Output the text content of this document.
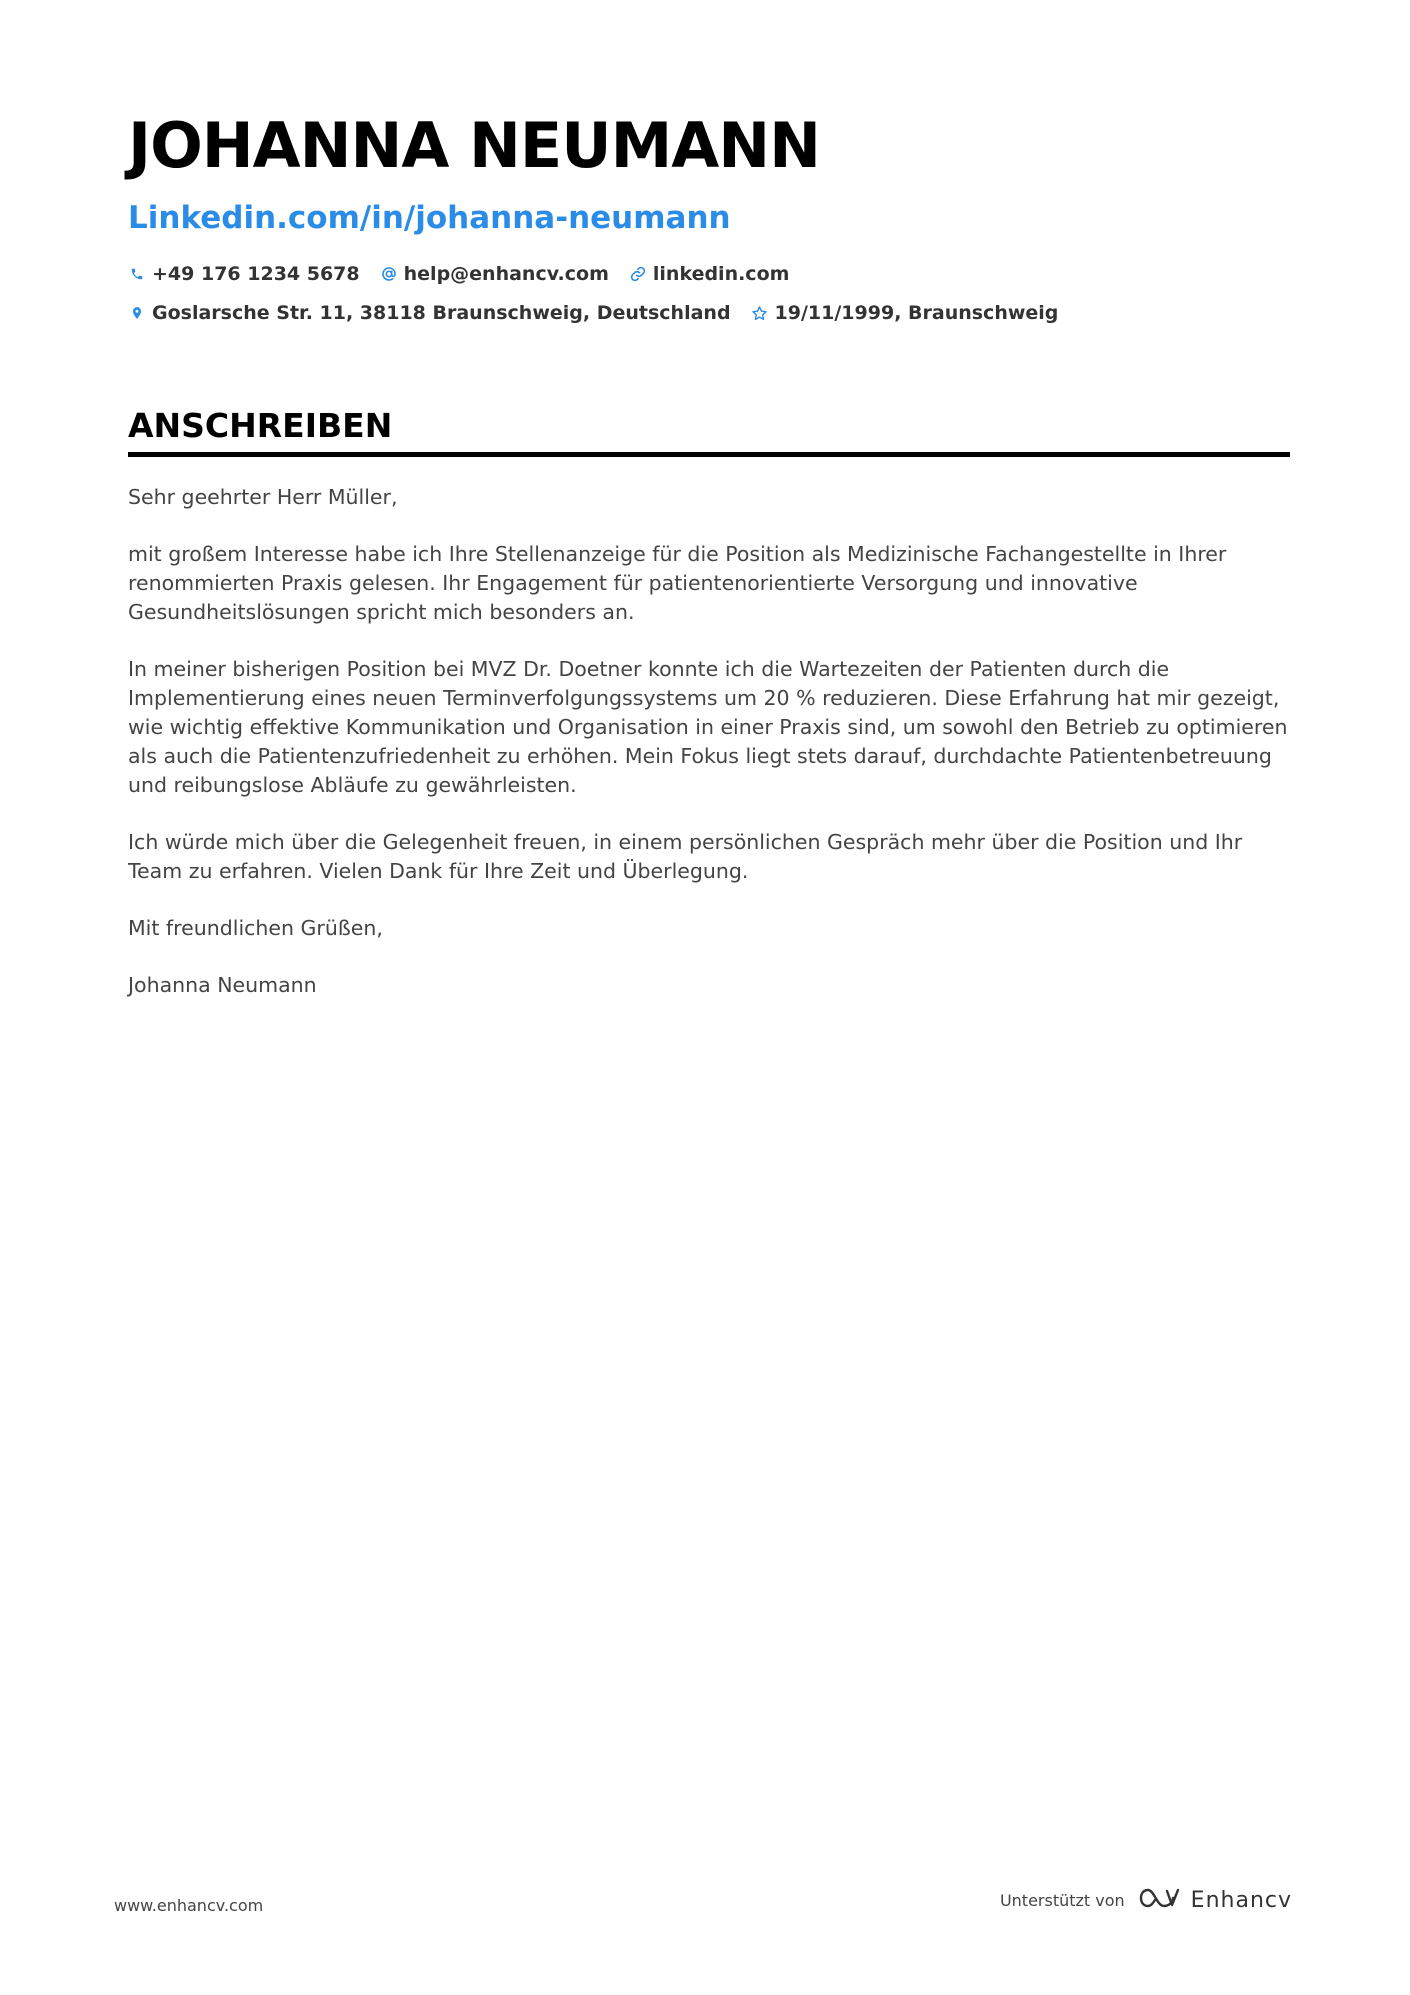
JOHANNA NEUMANN
Linkedin.com/in/johanna-neumann
+49 176 1234 5678 help@enhancv.com linkedin.com
Goslarsche Str. 11, 38118 Braunschweig, Deutschland 19/11/1999, Braunschweig
ANSCHREIBEN

Sehr geehrter Herr Müller,

mit großem Interesse habe ich Ihre Stellenanzeige für die Position als Medizinische Fachangestellte in Ihrer renommierten Praxis gelesen. Ihr Engagement für patientenorientierte Versorgung und innovative Gesundheitslösungen spricht mich besonders an.

In meiner bisherigen Position bei MVZ Dr. Doetner konnte ich die Wartezeiten der Patienten durch die Implementierung eines neuen Terminverfolgungssystems um 20 % reduzieren. Diese Erfahrung hat mir gezeigt, wie wichtig effektive Kommunikation und Organisation in einer Praxis sind, um sowohl den Betrieb zu optimieren als auch die Patientenzufriedenheit zu erhöhen. Mein Fokus liegt stets darauf, durchdachte Patientenbetreuung und reibungslose Abläufe zu gewährleisten.

Ich würde mich über die Gelegenheit freuen, in einem persönlichen Gespräch mehr über die Position und Ihr Team zu erfahren. Vielen Dank für Ihre Zeit und Überlegung.

Mit freundlichen Grüßen,

Johanna Neumann

www.enhancv.com	Unterstützt von	Enhancv
